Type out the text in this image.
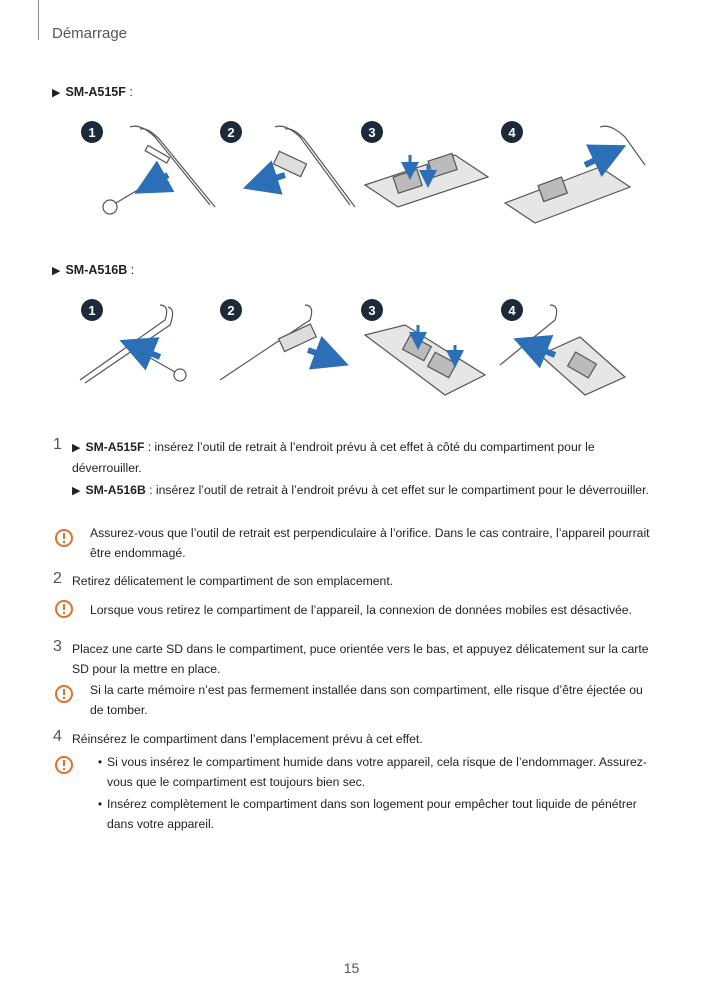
Démarrage
▶ SM-A515F :
1	2	3	4
▶ SM-A516B :
1	2	3	4
1 ▶ SM-A515F : insérez l’outil de retrait à l’endroit prévu à cet effet à côté du compartiment pour le déverrouiller.
▶ SM-A516B : insérez l’outil de retrait à l’endroit prévu à cet effet sur le compartiment pour le déverrouiller.
Assurez-vous que l’outil de retrait est perpendiculaire à l’orifice. Dans le cas contraire, l’appareil pourrait être endommagé.
2 Retirez délicatement le compartiment de son emplacement.
Lorsque vous retirez le compartiment de l’appareil, la connexion de données mobiles est désactivée.
3 Placez une carte SD dans le compartiment, puce orientée vers le bas, et appuyez délicatement sur la carte SD pour la mettre en place.
Si la carte mémoire n’est pas fermement installée dans son compartiment, elle risque d’être éjectée ou de tomber.
4 Réinsérez le compartiment dans l’emplacement prévu à cet effet.
• Si vous insérez le compartiment humide dans votre appareil, cela risque de l’endommager. Assurez-vous que le compartiment est toujours bien sec.
• Insérez complètement le compartiment dans son logement pour empêcher tout liquide de pénétrer dans votre appareil.
15
